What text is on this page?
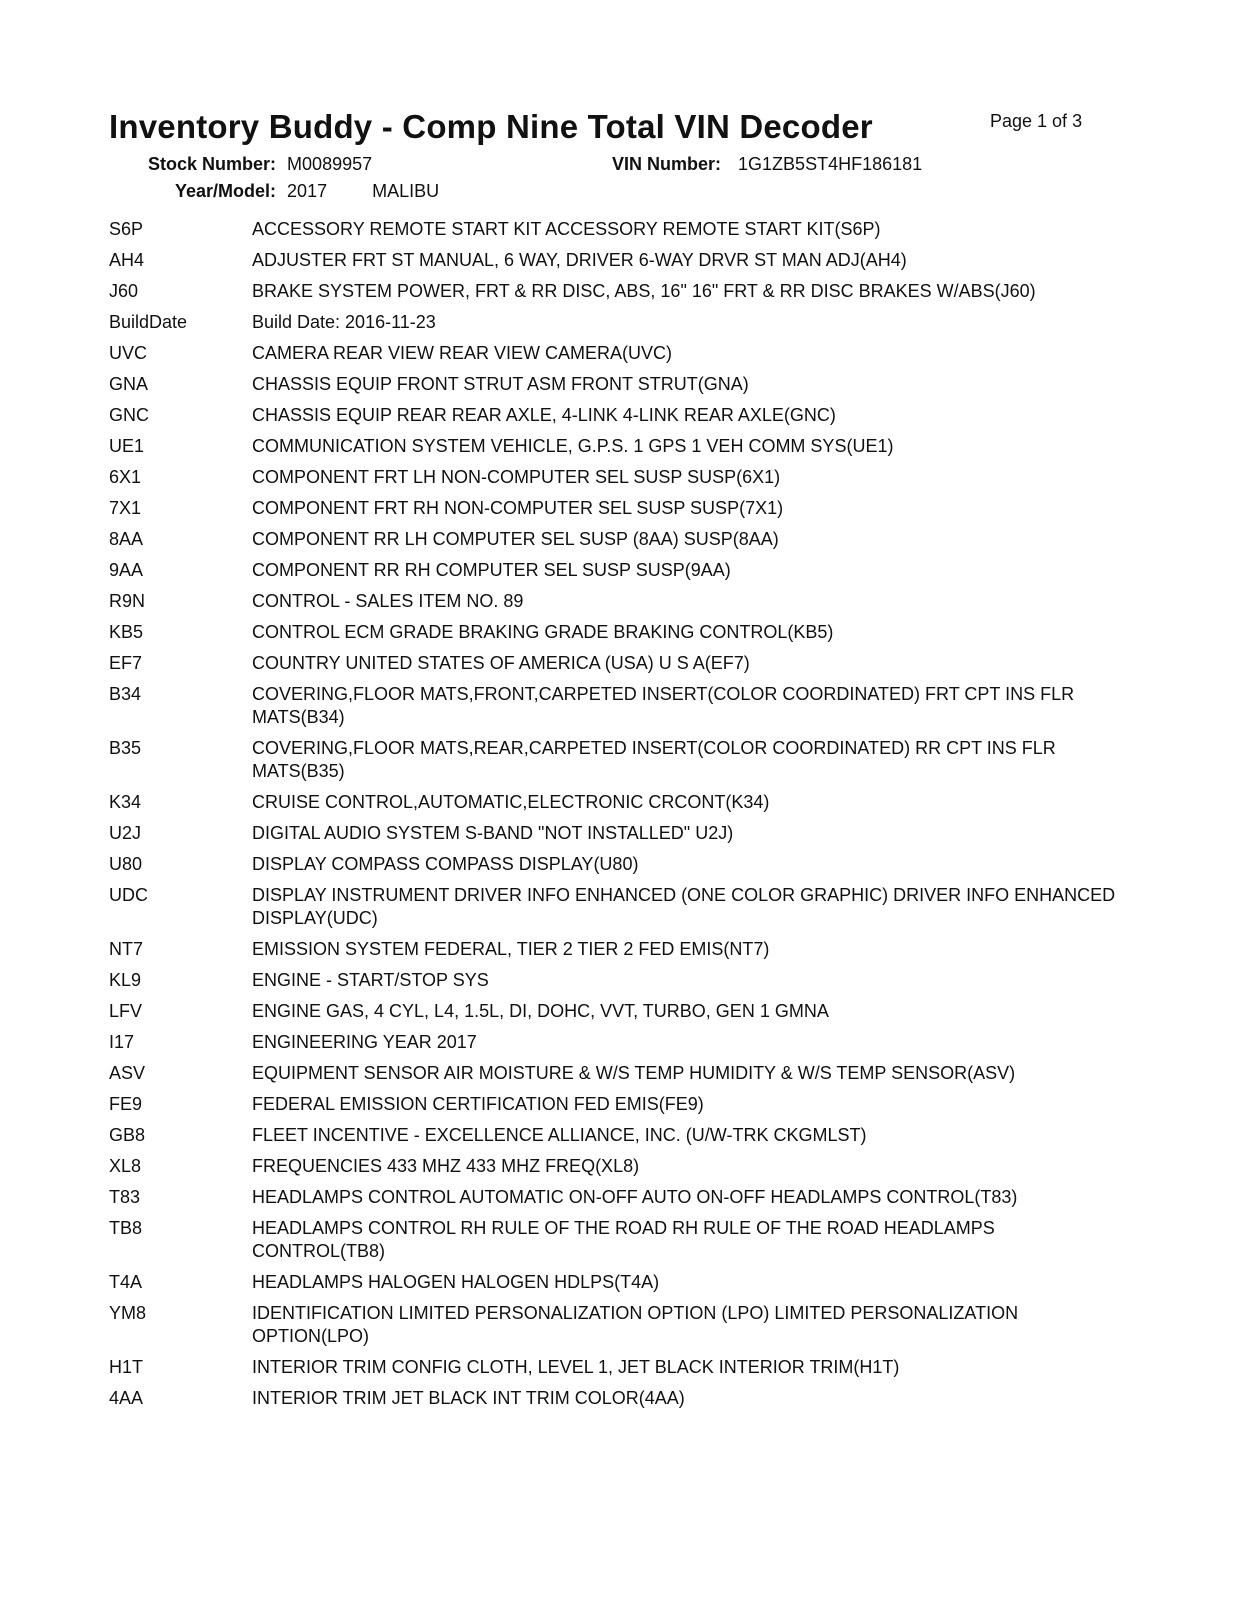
Inventory Buddy - Comp Nine Total VIN Decoder	Page 1 of 3
Stock Number: M0089957	VIN Number: 1G1ZB5ST4HF186181
Year/Model: 2017	MALIBU
S6P	ACCESSORY REMOTE START KIT ACCESSORY REMOTE START KIT(S6P)
AH4	ADJUSTER FRT ST MANUAL, 6 WAY, DRIVER 6-WAY DRVR ST MAN ADJ(AH4)
J60	BRAKE SYSTEM POWER, FRT & RR DISC, ABS, 16" 16" FRT & RR DISC BRAKES W/ABS(J60)
BuildDate	Build Date: 2016-11-23
UVC	CAMERA REAR VIEW REAR VIEW CAMERA(UVC)
GNA	CHASSIS EQUIP FRONT STRUT ASM FRONT STRUT(GNA)
GNC	CHASSIS EQUIP REAR REAR AXLE, 4-LINK 4-LINK REAR AXLE(GNC)
UE1	COMMUNICATION SYSTEM VEHICLE, G.P.S. 1 GPS 1 VEH COMM SYS(UE1)
6X1	COMPONENT FRT LH NON-COMPUTER SEL SUSP SUSP(6X1)
7X1	COMPONENT FRT RH NON-COMPUTER SEL SUSP SUSP(7X1)
8AA	COMPONENT RR LH COMPUTER SEL SUSP (8AA) SUSP(8AA)
9AA	COMPONENT RR RH COMPUTER SEL SUSP SUSP(9AA)
R9N	CONTROL - SALES ITEM NO. 89
KB5	CONTROL ECM GRADE BRAKING GRADE BRAKING CONTROL(KB5)
EF7	COUNTRY UNITED STATES OF AMERICA (USA) U S A(EF7)
B34	COVERING,FLOOR MATS,FRONT,CARPETED INSERT(COLOR COORDINATED) FRT CPT INS FLR MATS(B34)
B35	COVERING,FLOOR MATS,REAR,CARPETED INSERT(COLOR COORDINATED) RR CPT INS FLR MATS(B35)
K34	CRUISE CONTROL,AUTOMATIC,ELECTRONIC CRCONT(K34)
U2J	DIGITAL AUDIO SYSTEM S-BAND "NOT INSTALLED" U2J)
U80	DISPLAY COMPASS COMPASS DISPLAY(U80)
UDC	DISPLAY INSTRUMENT DRIVER INFO ENHANCED (ONE COLOR GRAPHIC) DRIVER INFO ENHANCED DISPLAY(UDC)
NT7	EMISSION SYSTEM FEDERAL, TIER 2 TIER 2 FED EMIS(NT7)
KL9	ENGINE - START/STOP SYS
LFV	ENGINE GAS, 4 CYL, L4, 1.5L, DI, DOHC, VVT, TURBO, GEN 1 GMNA
I17	ENGINEERING YEAR 2017
ASV	EQUIPMENT SENSOR AIR MOISTURE & W/S TEMP HUMIDITY & W/S TEMP SENSOR(ASV)
FE9	FEDERAL EMISSION CERTIFICATION FED EMIS(FE9)
GB8	FLEET INCENTIVE - EXCELLENCE ALLIANCE, INC. (U/W-TRK CKGMLST)
XL8	FREQUENCIES 433 MHZ 433 MHZ FREQ(XL8)
T83	HEADLAMPS CONTROL AUTOMATIC ON-OFF AUTO ON-OFF HEADLAMPS CONTROL(T83)
TB8	HEADLAMPS CONTROL RH RULE OF THE ROAD RH RULE OF THE ROAD HEADLAMPS CONTROL(TB8)
T4A	HEADLAMPS HALOGEN HALOGEN HDLPS(T4A)
YM8	IDENTIFICATION LIMITED PERSONALIZATION OPTION (LPO) LIMITED PERSONALIZATION OPTION(LPO)
H1T	INTERIOR TRIM CONFIG CLOTH, LEVEL 1, JET BLACK INTERIOR TRIM(H1T)
4AA	INTERIOR TRIM JET BLACK INT TRIM COLOR(4AA)
